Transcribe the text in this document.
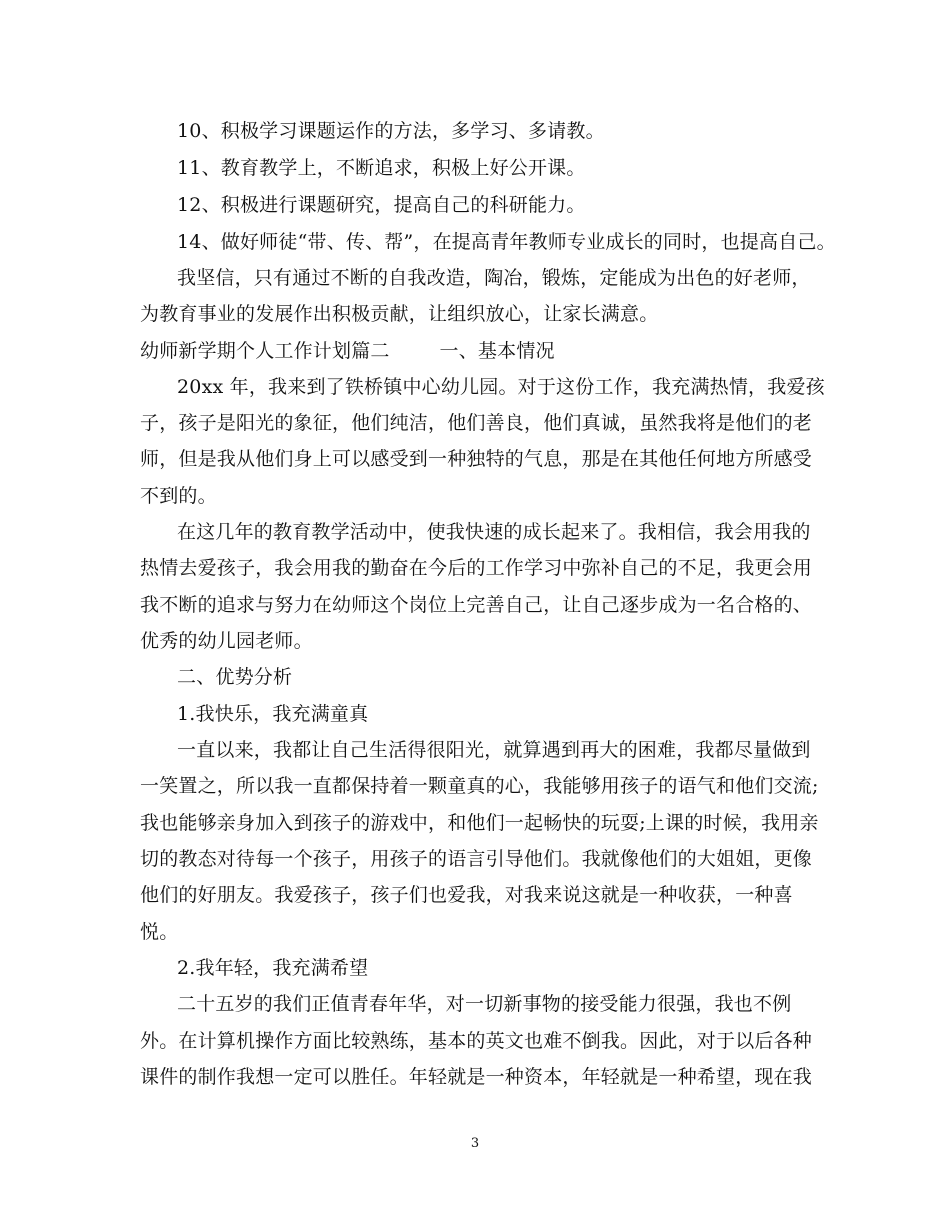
10、积极学习课题运作的方法，多学习、多请教。
11、教育教学上，不断追求，积极上好公开课。
12、积极进行课题研究，提高自己的科研能力。
14、做好师徒“带、传、帮”，在提高青年教师专业成长的同时，也提高自己。
我坚信，只有通过不断的自我改造，陶冶，锻炼，定能成为出色的好老师，
为教育事业的发展作出积极贡献，让组织放心，让家长满意。
幼师新学期个人工作计划篇二        一、基本情况
20xx 年，我来到了铁桥镇中心幼儿园。对于这份工作，我充满热情，我爱孩
子，孩子是阳光的象征，他们纯洁，他们善良，他们真诚，虽然我将是他们的老
师，但是我从他们身上可以感受到一种独特的气息，那是在其他任何地方所感受
不到的。
在这几年的教育教学活动中，使我快速的成长起来了。我相信，我会用我的
热情去爱孩子，我会用我的勤奋在今后的工作学习中弥补自己的不足，我更会用
我不断的追求与努力在幼师这个岗位上完善自己，让自己逐步成为一名合格的、
优秀的幼儿园老师。
二、优势分析
1.我快乐，我充满童真
一直以来，我都让自己生活得很阳光，就算遇到再大的困难，我都尽量做到
一笑置之，所以我一直都保持着一颗童真的心，我能够用孩子的语气和他们交流;
我也能够亲身加入到孩子的游戏中，和他们一起畅快的玩耍;上课的时候，我用亲
切的教态对待每一个孩子，用孩子的语言引导他们。我就像他们的大姐姐，更像
他们的好朋友。我爱孩子，孩子们也爱我，对我来说这就是一种收获，一种喜
悦。
2.我年轻，我充满希望
二十五岁的我们正值青春年华，对一切新事物的接受能力很强，我也不例
外。在计算机操作方面比较熟练，基本的英文也难不倒我。因此，对于以后各种
课件的制作我想一定可以胜任。年轻就是一种资本，年轻就是一种希望，现在我
3
